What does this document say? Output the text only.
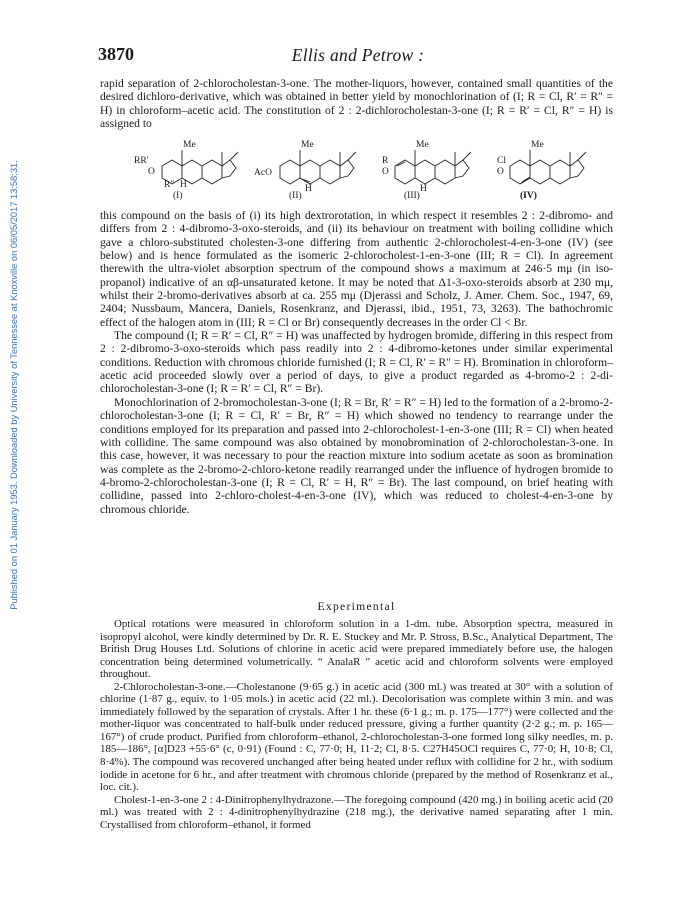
Published on 01 January 1953. Downloaded by University of Tennessee at Knoxville on 06/05/2017 13:58:31.
3870	Ellis and Petrow :

rapid separation of 2-chlorocholestan-3-one. The mother-liquors, however, contained small quantities of the desired dichloro-derivative, which was obtained in better yield by monochlorination of (I; R = Cl, R′ = R″ = H) in chloroform–acetic acid. The constitution of 2 : 2-dichlorocholestan-3-one (I; R = R′ = Cl, R″ = H) is assigned to

Me
RR′
O
R″ H
Me
AcO
H
Me
R
O
H
Me
Cl
O
(I)	(II)	(III)	(IV)

this compound on the basis of (i) its high dextrorotation, in which respect it resembles 2 : 2-dibromo- and differs from 2 : 4-dibromo-3-oxo-steroids, and (ii) its behaviour on treatment with boiling collidine which gave a chloro-substituted cholesten-3-one differing from authentic 2-chlorocholest-4-en-3-one (IV) (see below) and is hence formulated as the isomeric 2-chlorocholest-1-en-3-one (III; R = Cl). In agreement therewith the ultra-violet absorption spectrum of the compound shows a maximum at 246·5 mμ (in iso-propanol) indicative of an αβ-unsaturated ketone. It may be noted that Δ1-3-oxo-steroids absorb at 230 mμ, whilst their 2-bromo-derivatives absorb at ca. 255 mμ (Djerassi and Scholz, J. Amer. Chem. Soc., 1947, 69, 2404; Nussbaum, Mancera, Daniels, Rosenkranz, and Djerassi, ibid., 1951, 73, 3263). The bathochromic effect of the halogen atom in (III; R = Cl or Br) consequently decreases in the order Cl < Br.

The compound (I; R = R′ = Cl, R″ = H) was unaffected by hydrogen bromide, differing in this respect from 2 : 2-dibromo-3-oxo-steroids which pass readily into 2 : 4-dibromo-ketones under similar experimental conditions. Reduction with chromous chloride furnished (I; R = Cl, R′ = R″ = H). Bromination in chloroform–acetic acid proceeded slowly over a period of days, to give a product regarded as 4-bromo-2 : 2-di-chlorocholestan-3-one (I; R = R′ = Cl, R″ = Br).

Monochlorination of 2-bromocholestan-3-one (I; R = Br, R′ = R″ = H) led to the formation of a 2-bromo-2-chlorocholestan-3-one (I; R = Cl, R′ = Br, R″ = H) which showed no tendency to rearrange under the conditions employed for its preparation and passed into 2-chlorocholest-1-en-3-one (III; R = Cl) when heated with collidine. The same compound was also obtained by monobromination of 2-chlorocholestan-3-one. In this case, however, it was necessary to pour the reaction mixture into sodium acetate as soon as bromination was complete as the 2-bromo-2-chloro-ketone readily rearranged under the influence of hydrogen bromide to 4-bromo-2-chlorocholestan-3-one (I; R = Cl, R′ = H, R″ = Br). The last compound, on brief heating with collidine, passed into 2-chloro-cholest-4-en-3-one (IV), which was reduced to cholest-4-en-3-one by chromous chloride.

Experimental

Optical rotations were measured in chloroform solution in a 1-dm. tube. Absorption spectra, measured in isopropyl alcohol, were kindly determined by Dr. R. E. Stuckey and Mr. P. Stross, B.Sc., Analytical Department, The British Drug Houses Ltd. Solutions of chlorine in acetic acid were prepared immediately before use, the halogen concentration being determined volumetrically. “ AnalaR ” acetic acid and chloroform solvents were employed throughout.

2-Chlorocholestan-3-one.—Cholestanone (9·65 g.) in acetic acid (300 ml.) was treated at 30° with a solution of chlorine (1·87 g., equiv. to 1·05 mols.) in acetic acid (22 ml.). Decolorisation was complete within 3 min. and was immediately followed by the separation of crystals. After 1 hr. these (6·1 g.; m. p. 175—177°) were collected and the mother-liquor was concentrated to half-bulk under reduced pressure, giving a further quantity (2·2 g.; m. p. 165—167°) of crude product. Purified from chloroform–ethanol, 2-chlorocholestan-3-one formed long silky needles, m. p. 185—186°, [α]D23 +55·6° (c, 0·91) (Found : C, 77·0; H, 11·2; Cl, 8·5. C27H45OCl requires C, 77·0; H, 10·8; Cl, 8·4%). The compound was recovered unchanged after being heated under reflux with collidine for 2 hr., with sodium iodide in acetone for 6 hr., and after treatment with chromous chloride (prepared by the method of Rosenkranz et al., loc. cit.).

Cholest-1-en-3-one 2 : 4-Dinitrophenylhydrazone.—The foregoing compound (420 mg.) in boiling acetic acid (20 ml.) was treated with 2 : 4-dinitrophenylhydrazine (218 mg.), the derivative named separating after 1 min. Crystallised from chloroform–ethanol, it formed
